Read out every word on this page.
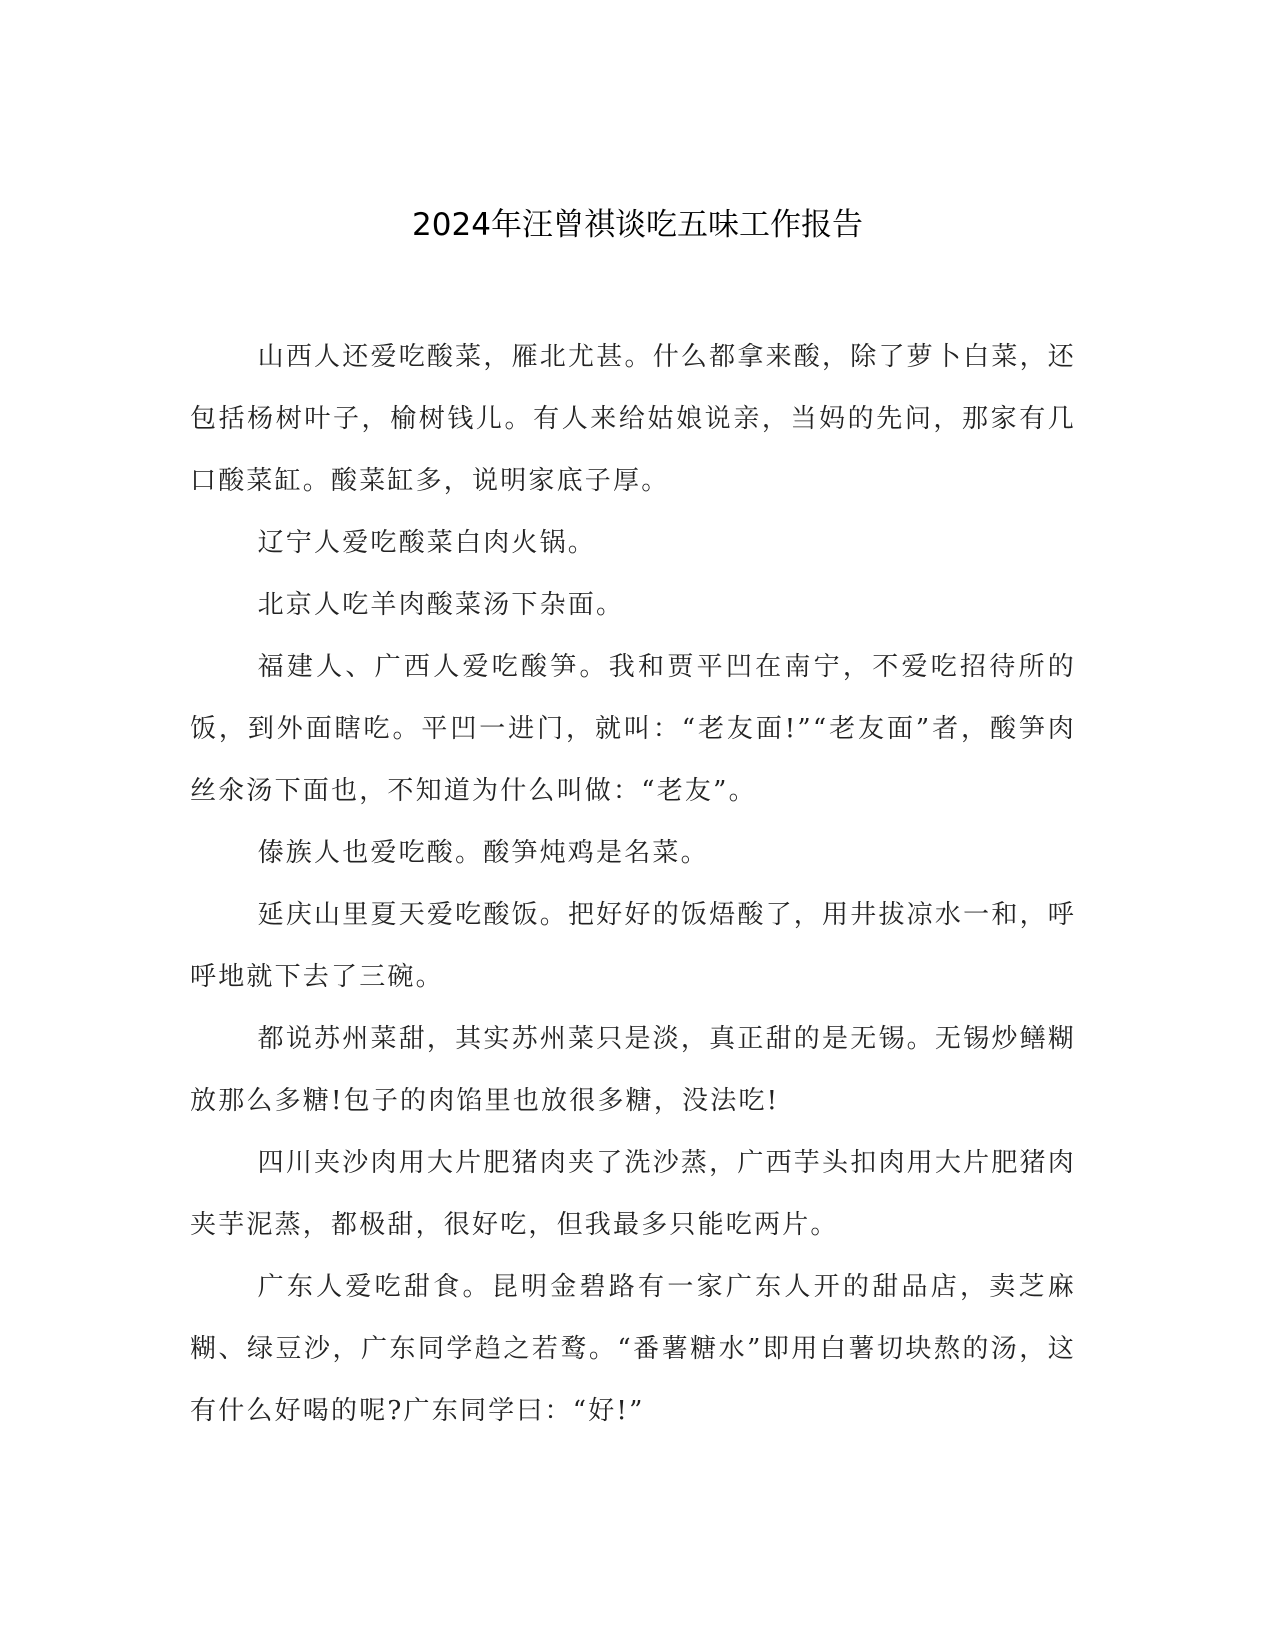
2024年汪曾祺谈吃五味工作报告

山西人还爱吃酸菜，雁北尤甚。什么都拿来酸，除了萝卜白菜，还包括杨树叶子，榆树钱儿。有人来给姑娘说亲，当妈的先问，那家有几口酸菜缸。酸菜缸多，说明家底子厚。

辽宁人爱吃酸菜白肉火锅。

北京人吃羊肉酸菜汤下杂面。

福建人、广西人爱吃酸笋。我和贾平凹在南宁，不爱吃招待所的饭，到外面瞎吃。平凹一进门，就叫：“老友面!”“老友面”者，酸笋肉丝氽汤下面也，不知道为什么叫做：“老友”。

傣族人也爱吃酸。酸笋炖鸡是名菜。

延庆山里夏天爱吃酸饭。把好好的饭焐酸了，用井拔凉水一和，呼呼地就下去了三碗。

都说苏州菜甜，其实苏州菜只是淡，真正甜的是无锡。无锡炒鳝糊放那么多糖!包子的肉馅里也放很多糖，没法吃!

四川夹沙肉用大片肥猪肉夹了洗沙蒸，广西芋头扣肉用大片肥猪肉夹芋泥蒸，都极甜，很好吃，但我最多只能吃两片。

广东人爱吃甜食。昆明金碧路有一家广东人开的甜品店，卖芝麻糊、绿豆沙，广东同学趋之若鹜。“番薯糖水”即用白薯切块熬的汤，这有什么好喝的呢?广东同学曰：“好!”
